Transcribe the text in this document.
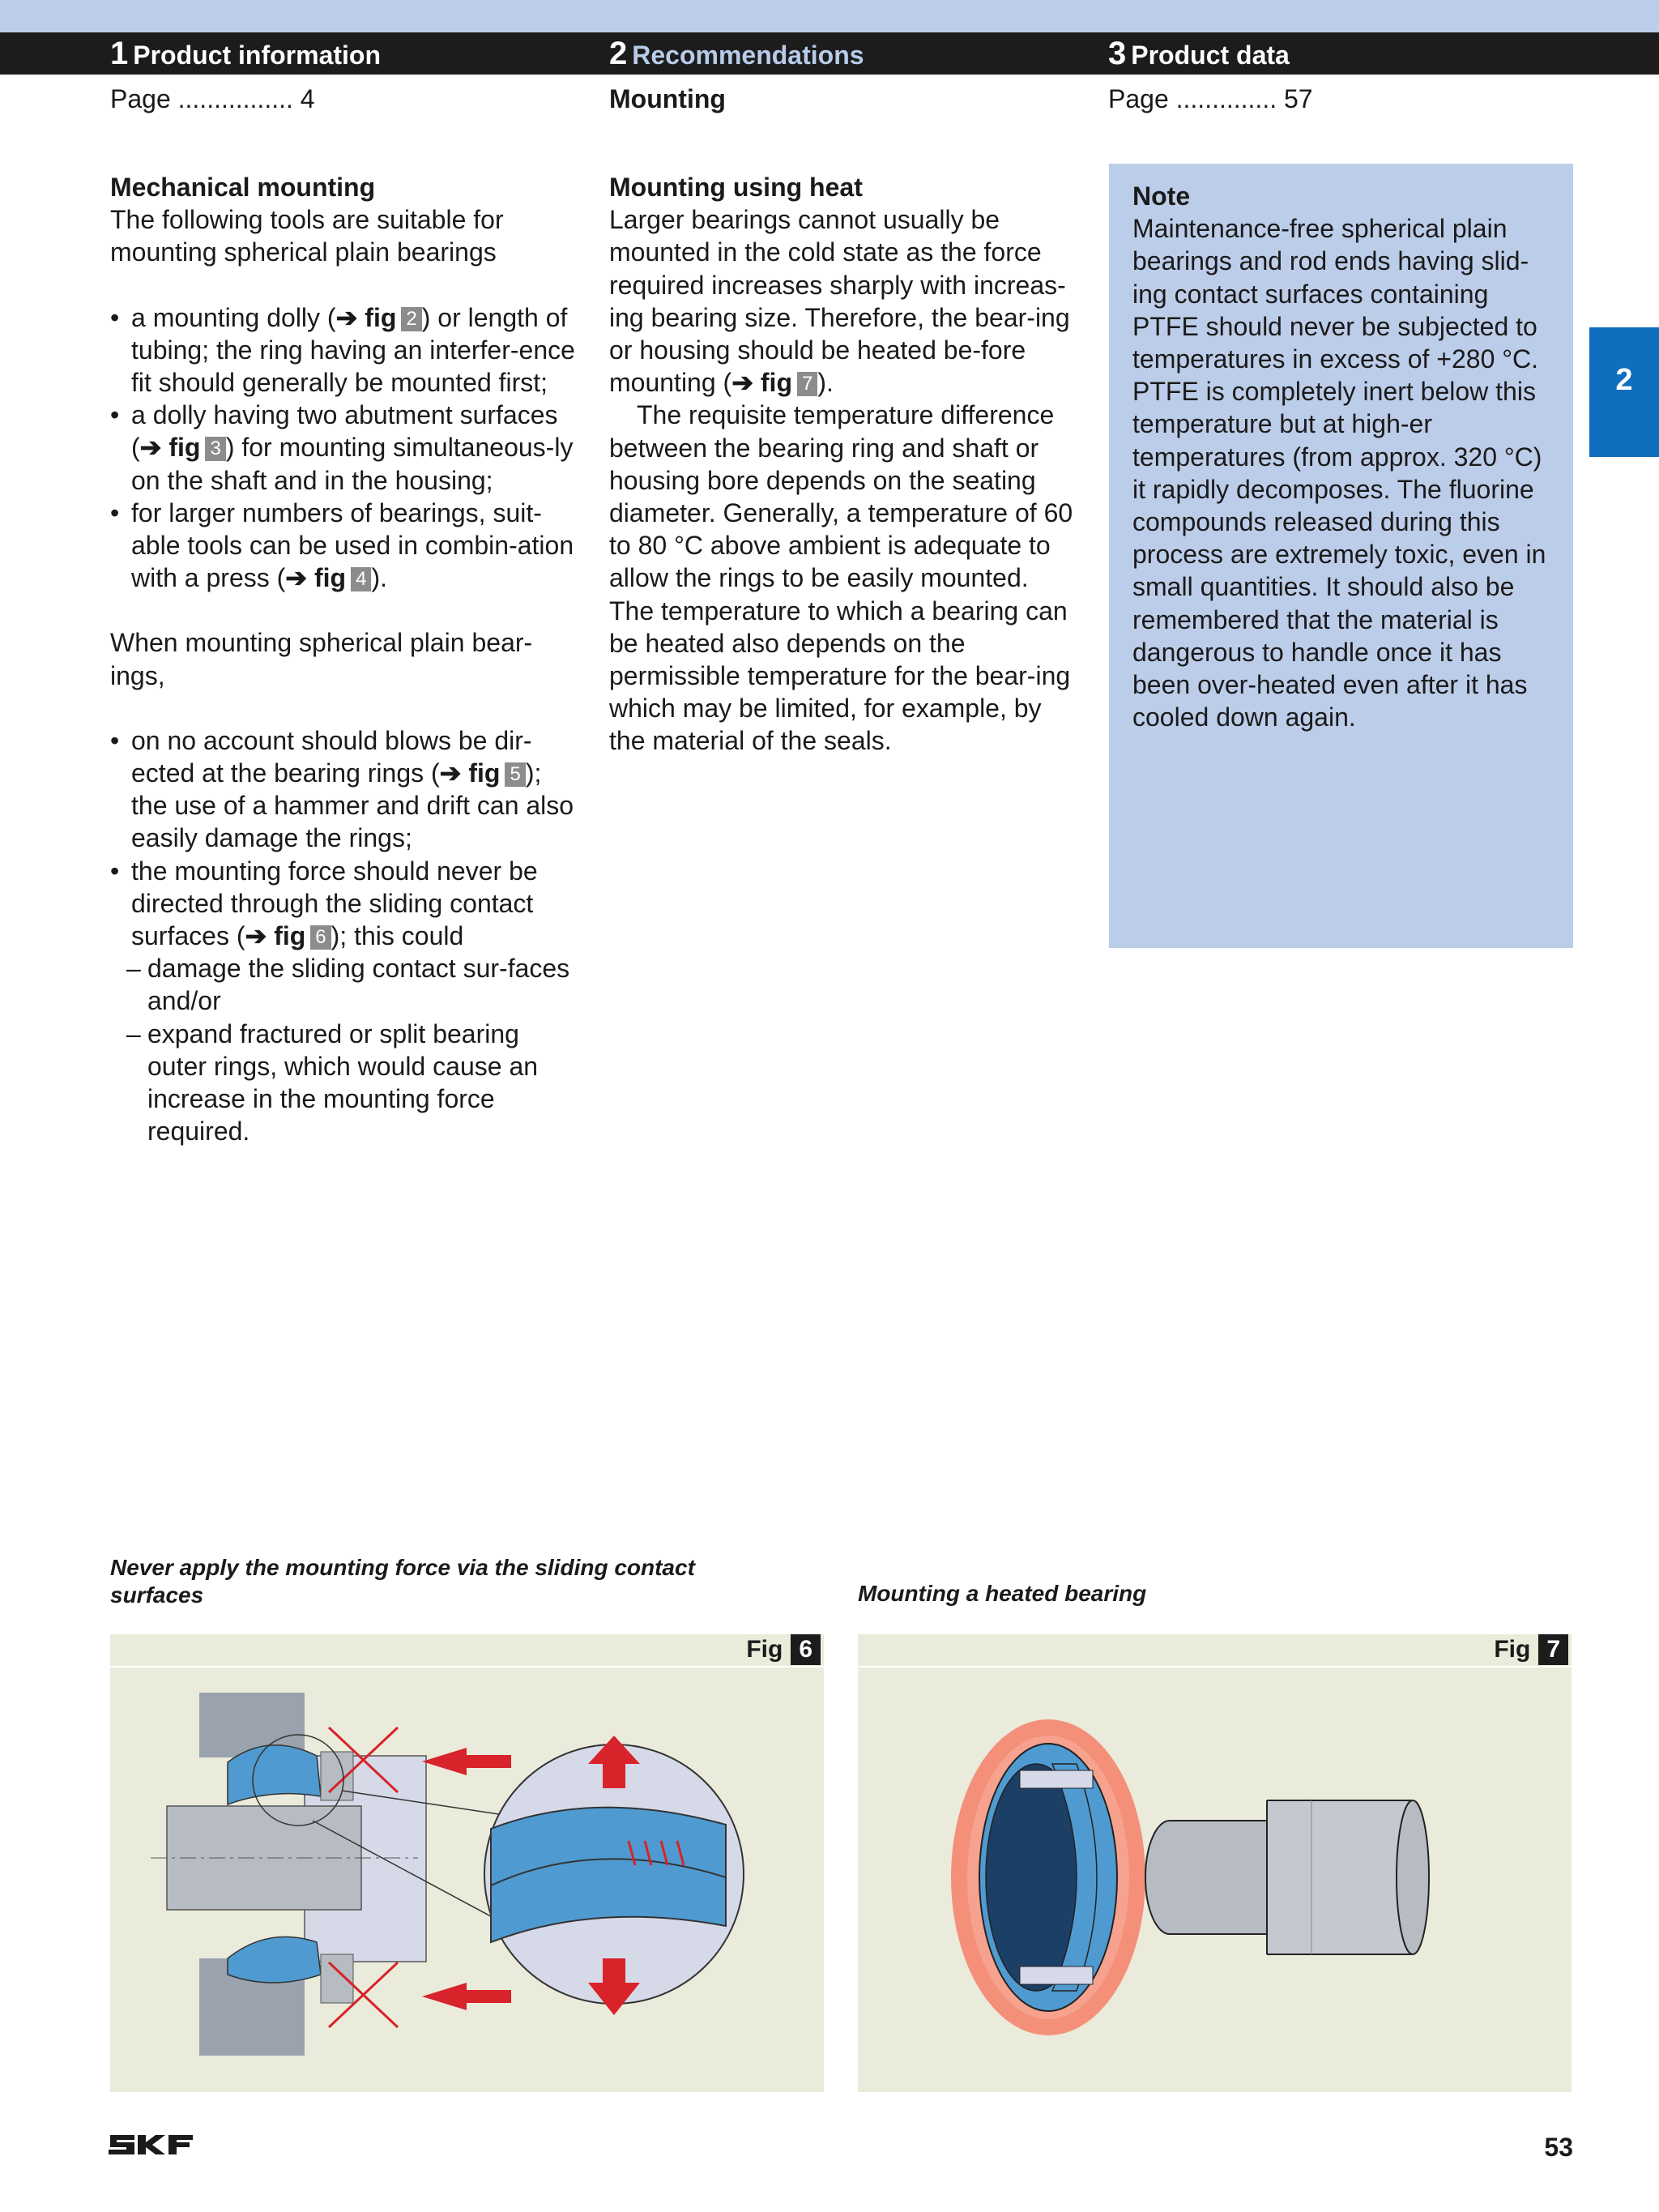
1 Product information	2 Recommendations	3 Product data
Page ................ 4	Mounting	Page .............. 57

Mechanical mounting

The following tools are suitable for mounting spherical plain bearings

• a mounting dolly (➔ fig 2 ) or length of tubing; the ring having an interfer-ence fit should generally be mounted first;

• a dolly having two abutment surfaces (➔ fig 3 ) for mounting simultaneous-ly on the shaft and in the housing;

• for larger numbers of bearings, suit-able tools can be used in combin-ation with a press (➔ fig 4 ).

When mounting spherical plain bear-ings,

• on no account should blows be dir-ected at the bearing rings (➔ fig 5 ); the use of a hammer and drift can also easily damage the rings;

• the mounting force should never be directed through the sliding contact surfaces (➔ fig 6 ); this could

– damage the sliding contact sur-faces and/or

– expand fractured or split bearing outer rings, which would cause an increase in the mounting force required.

Mounting using heat

Larger bearings cannot usually be mounted in the cold state as the force required increases sharply with increas-ing bearing size. Therefore, the bear-ing or housing should be heated be-fore mounting (➔ fig 7 ).

The requisite temperature difference between the bearing ring and shaft or housing bore depends on the seating diameter. Generally, a temperature of 60 to 80 °C above ambient is adequate to allow the rings to be easily mounted. The temperature to which a bearing can be heated also depends on the permissible temperature for the bear-ing which may be limited, for example, by the material of the seals.

Note
Maintenance-free spherical plain bearings and rod ends having slid-ing contact surfaces containing PTFE should never be subjected to temperatures in excess of +280 °C. PTFE is completely inert below this temperature but at high-er temperatures (from approx. 320 °C) it rapidly decomposes. The fluorine compounds released during this process are extremely toxic, even in small quantities. It should also be remembered that the material is dangerous to handle once it has been over-heated even after it has cooled down again.
2
Never apply the mounting force via the sliding contact surfaces
Fig 6
Mounting a heated bearing
Fig 7
53
